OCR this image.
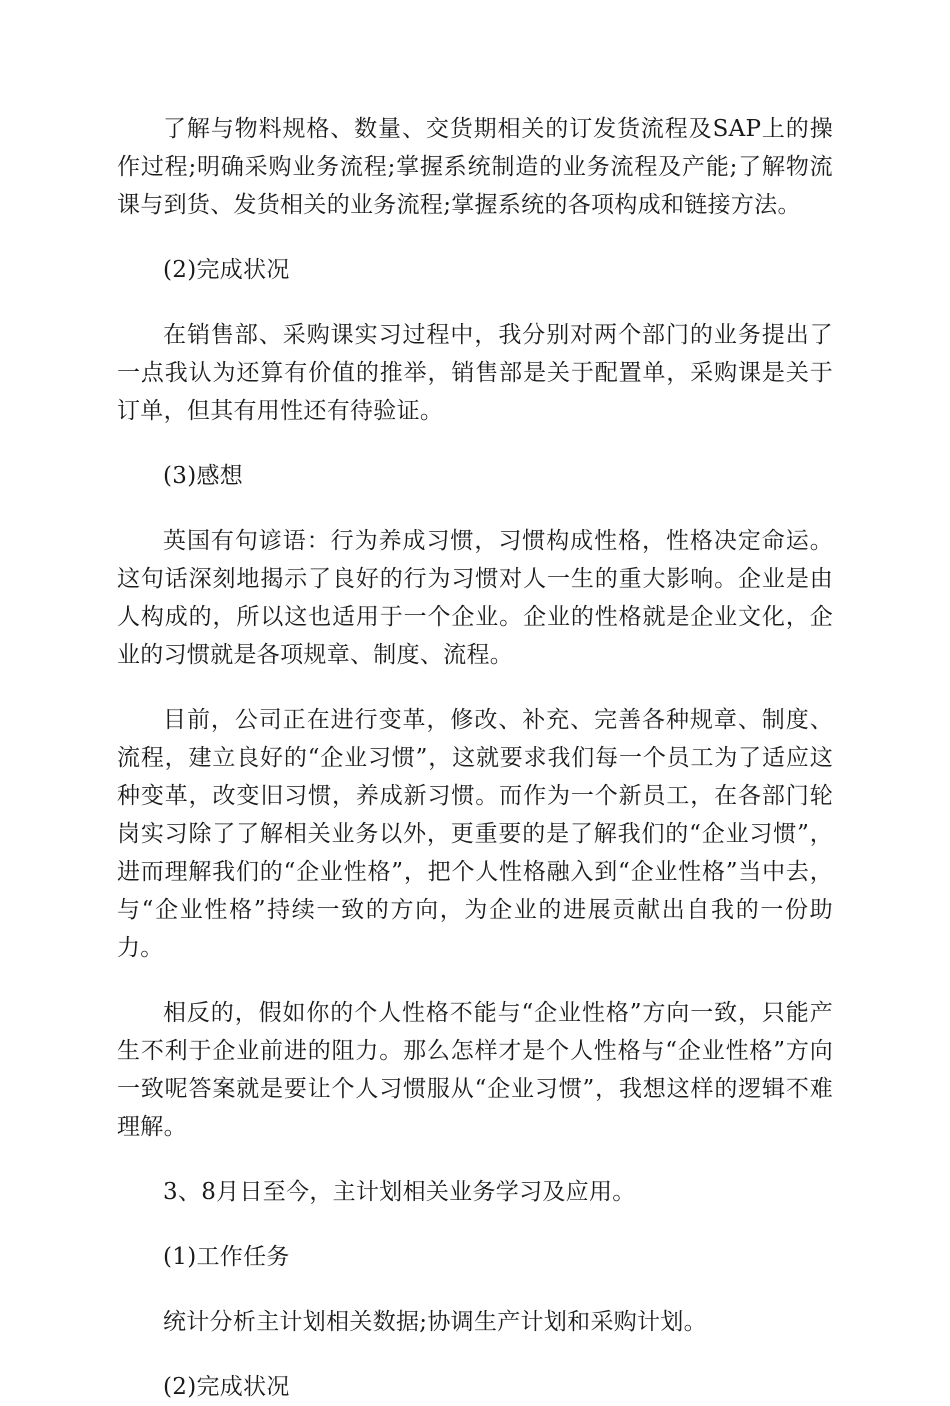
了解与物料规格、数量、交货期相关的订发货流程及SAP上的操作过程;明确采购业务流程;掌握系统制造的业务流程及产能;了解物流课与到货、发货相关的业务流程;掌握系统的各项构成和链接方法。

(2)完成状况

在销售部、采购课实习过程中，我分别对两个部门的业务提出了一点我认为还算有价值的推举，销售部是关于配置单，采购课是关于订单，但其有用性还有待验证。

(3)感想

英国有句谚语：行为养成习惯，习惯构成性格，性格决定命运。这句话深刻地揭示了良好的行为习惯对人一生的重大影响。企业是由人构成的，所以这也适用于一个企业。企业的性格就是企业文化，企业的习惯就是各项规章、制度、流程。

目前，公司正在进行变革，修改、补充、完善各种规章、制度、流程，建立良好的“企业习惯”，这就要求我们每一个员工为了适应这种变革，改变旧习惯，养成新习惯。而作为一个新员工，在各部门轮岗实习除了了解相关业务以外，更重要的是了解我们的“企业习惯”，进而理解我们的“企业性格”，把个人性格融入到“企业性格”当中去，与“企业性格”持续一致的方向，为企业的进展贡献出自我的一份助力。

相反的，假如你的个人性格不能与“企业性格”方向一致，只能产生不利于企业前进的阻力。那么怎样才是个人性格与“企业性格”方向一致呢答案就是要让个人习惯服从“企业习惯”，我想这样的逻辑不难理解。

3、8月日至今，主计划相关业务学习及应用。

(1)工作任务

统计分析主计划相关数据;协调生产计划和采购计划。

(2)完成状况
